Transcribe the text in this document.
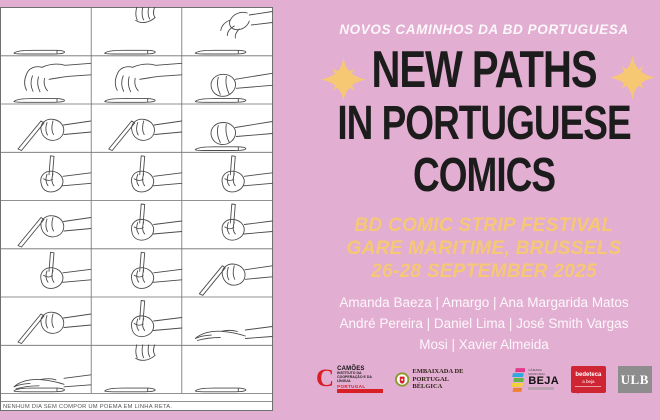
NENHUM DIA SEM COMPOR UM POEMA EM LINHA RETA.
NOVOS CAMINHOS DA BD PORTUGUESA
NEW PATHS
IN PORTUGUESE
COMICS
BD COMIC STRIP FESTIVAL
GARE MARITIME, BRUSSELS
26-28 SEPTEMBER 2025
Amanda Baeza | Amargo | Ana Margarida Matos
André Pereira | Daniel Lima | José Smith Vargas
Mosi | Xavier Almeida
C CAMÕES
INSTITUTO DA COOPERAÇÃO E DA LÍNGUA
PORTUGAL
EMBAIXADA DE PORTUGAL
BÉLGICA
CÂMARA MUNICIPAL
BEJA
bedeteca
a beja ULB
